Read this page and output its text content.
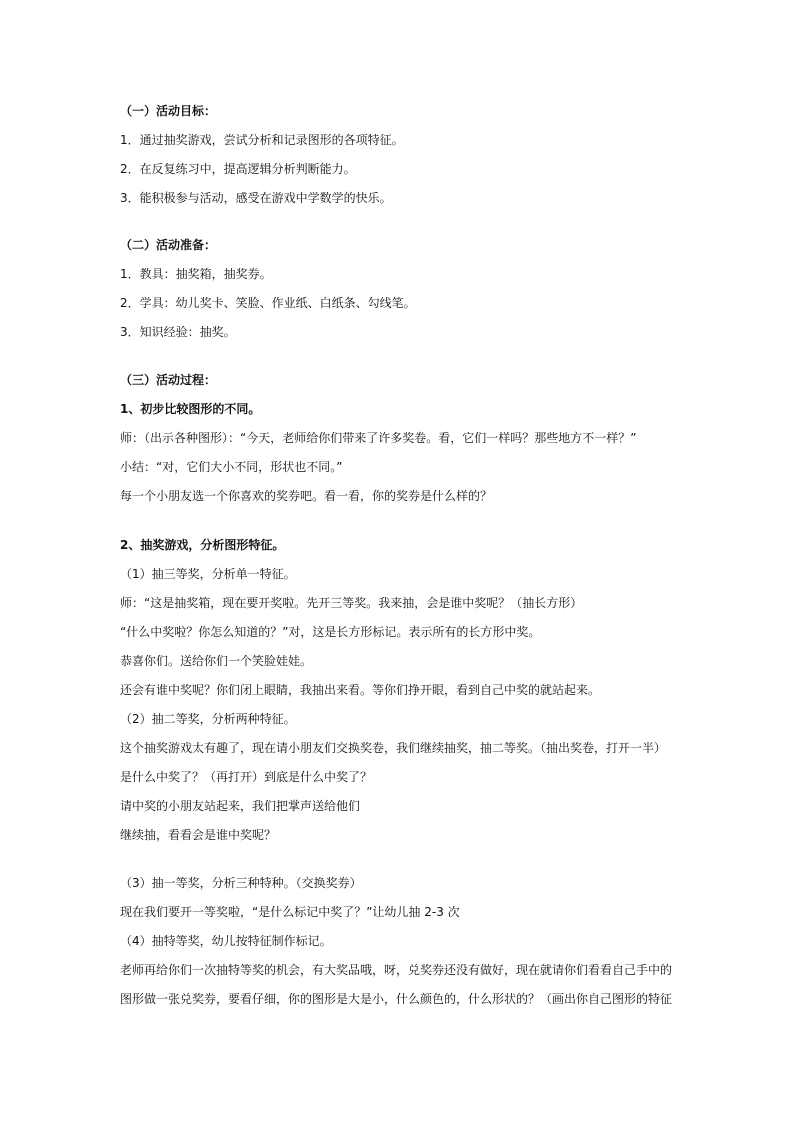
（一）活动目标：
1．通过抽奖游戏，尝试分析和记录图形的各项特征。
2．在反复练习中，提高逻辑分析判断能力。
3．能积极参与活动，感受在游戏中学数学的快乐。
（二）活动准备：
1．教具：抽奖箱，抽奖券。
2．学具：幼儿奖卡、笑脸、作业纸、白纸条、勾线笔。
3．知识经验：抽奖。
（三）活动过程：
1、初步比较图形的不同。
师：（出示各种图形）：“今天，老师给你们带来了许多奖卷。看，它们一样吗？那些地方不一样？”
小结：“对，它们大小不同，形状也不同。”
每一个小朋友选一个你喜欢的奖券吧。看一看，你的奖券是什么样的？
2、抽奖游戏，分析图形特征。
（1）抽三等奖，分析单一特征。
师：“这是抽奖箱，现在要开奖啦。先开三等奖。我来抽，会是谁中奖呢？（抽长方形）
“什么中奖啦？你怎么知道的？”对，这是长方形标记。表示所有的长方形中奖。
恭喜你们。送给你们一个笑脸娃娃。
还会有谁中奖呢？你们闭上眼睛，我抽出来看。等你们挣开眼，看到自己中奖的就站起来。
（2）抽二等奖，分析两种特征。
这个抽奖游戏太有趣了，现在请小朋友们交换奖卷，我们继续抽奖，抽二等奖。（抽出奖卷，打开一半）
是什么中奖了？（再打开）到底是什么中奖了？
请中奖的小朋友站起来，我们把掌声送给他们
继续抽，看看会是谁中奖呢？
（3）抽一等奖，分析三种特种。（交换奖券）
现在我们要开一等奖啦，“是什么标记中奖了？”让幼儿抽 2-3 次
（4）抽特等奖，幼儿按特征制作标记。
老师再给你们一次抽特等奖的机会，有大奖品哦，呀，兑奖券还没有做好，现在就请你们看看自己手中的
图形做一张兑奖券，要看仔细，你的图形是大是小，什么颜色的，什么形状的？（画出你自己图形的特征
